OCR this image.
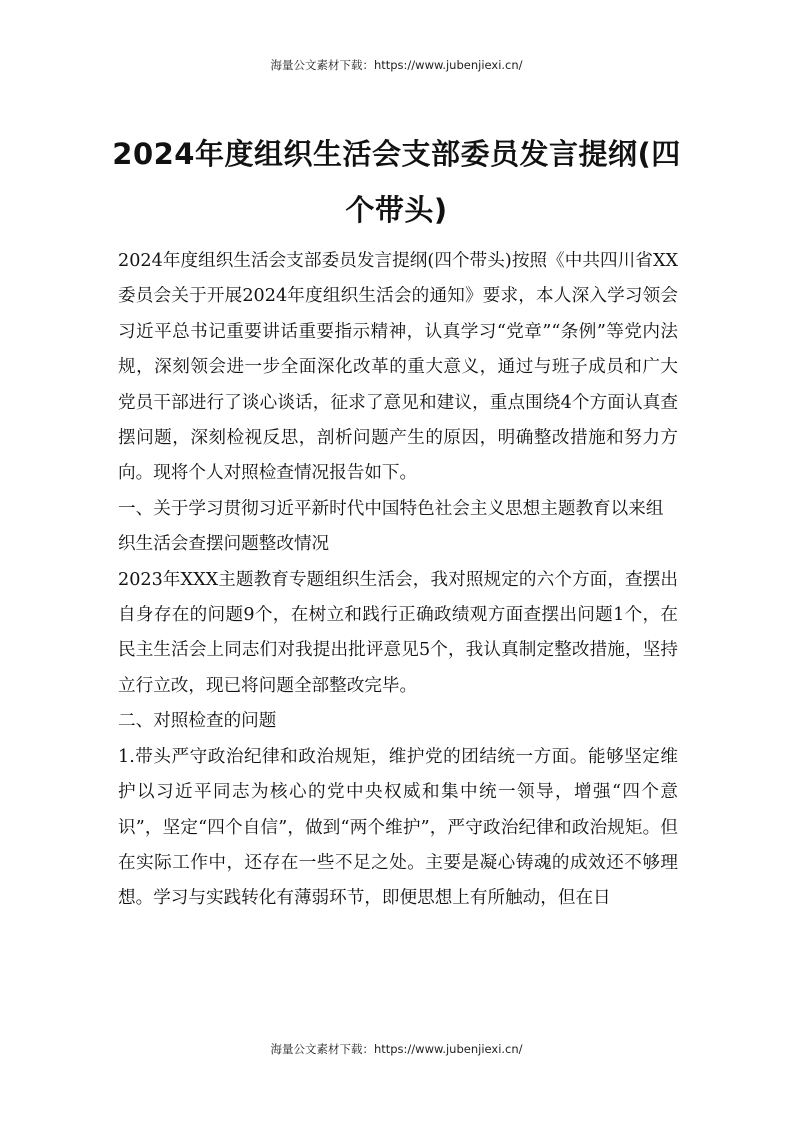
海量公文素材下载：https://www.jubenjiexi.cn/
2024年度组织生活会支部委员发言提纲(四个带头)

2024年度组织生活会支部委员发言提纲(四个带头)按照《中共四川省XX委员会关于开展2024年度组织生活会的通知》要求，本人深入学习领会习近平总书记重要讲话重要指示精神，认真学习“党章”“条例”等党内法规，深刻领会进一步全面深化改革的重大意义，通过与班子成员和广大党员干部进行了谈心谈话，征求了意见和建议，重点围绕4个方面认真查摆问题，深刻检视反思，剖析问题产生的原因，明确整改措施和努力方向。现将个人对照检查情况报告如下。

一、关于学习贯彻习近平新时代中国特色社会主义思想主题教育以来组织生活会查摆问题整改情况

2023年XXX主题教育专题组织生活会，我对照规定的六个方面，查摆出自身存在的问题9个，在树立和践行正确政绩观方面查摆出问题1个，在民主生活会上同志们对我提出批评意见5个，我认真制定整改措施，坚持立行立改，现已将问题全部整改完毕。

二、对照检查的问题

1.带头严守政治纪律和政治规矩，维护党的团结统一方面。能够坚定维护以习近平同志为核心的党中央权威和集中统一领导，增强“四个意识”，坚定“四个自信”，做到“两个维护”，严守政治纪律和政治规矩。但在实际工作中，还存在一些不足之处。主要是凝心铸魂的成效还不够理想。学习与实践转化有薄弱环节，即便思想上有所触动，但在日

海量公文素材下载：https://www.jubenjiexi.cn/
